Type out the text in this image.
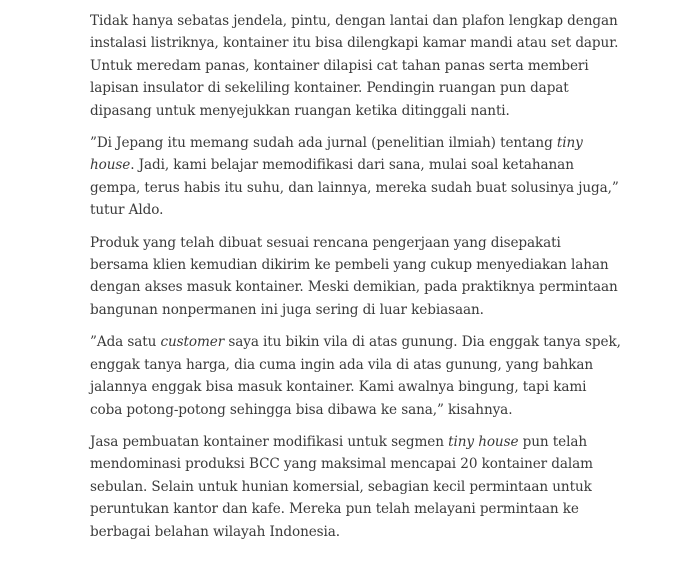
Tidak hanya sebatas jendela, pintu, dengan lantai dan plafon lengkap dengan
instalasi listriknya, kontainer itu bisa dilengkapi kamar mandi atau set dapur.
Untuk meredam panas, kontainer dilapisi cat tahan panas serta memberi
lapisan insulator di sekeliling kontainer. Pendingin ruangan pun dapat
dipasang untuk menyejukkan ruangan ketika ditinggali nanti.

”Di Jepang itu memang sudah ada jurnal (penelitian ilmiah) tentang tiny
house. Jadi, kami belajar memodifikasi dari sana, mulai soal ketahanan
gempa, terus habis itu suhu, dan lainnya, mereka sudah buat solusinya juga,”
tutur Aldo.

Produk yang telah dibuat sesuai rencana pengerjaan yang disepakati
bersama klien kemudian dikirim ke pembeli yang cukup menyediakan lahan
dengan akses masuk kontainer. Meski demikian, pada praktiknya permintaan
bangunan nonpermanen ini juga sering di luar kebiasaan.

”Ada satu customer saya itu bikin vila di atas gunung. Dia enggak tanya spek,
enggak tanya harga, dia cuma ingin ada vila di atas gunung, yang bahkan
jalannya enggak bisa masuk kontainer. Kami awalnya bingung, tapi kami
coba potong-potong sehingga bisa dibawa ke sana,” kisahnya.

Jasa pembuatan kontainer modifikasi untuk segmen tiny house pun telah
mendominasi produksi BCC yang maksimal mencapai 20 kontainer dalam
sebulan. Selain untuk hunian komersial, sebagian kecil permintaan untuk
peruntukan kantor dan kafe. Mereka pun telah melayani permintaan ke
berbagai belahan wilayah Indonesia.
